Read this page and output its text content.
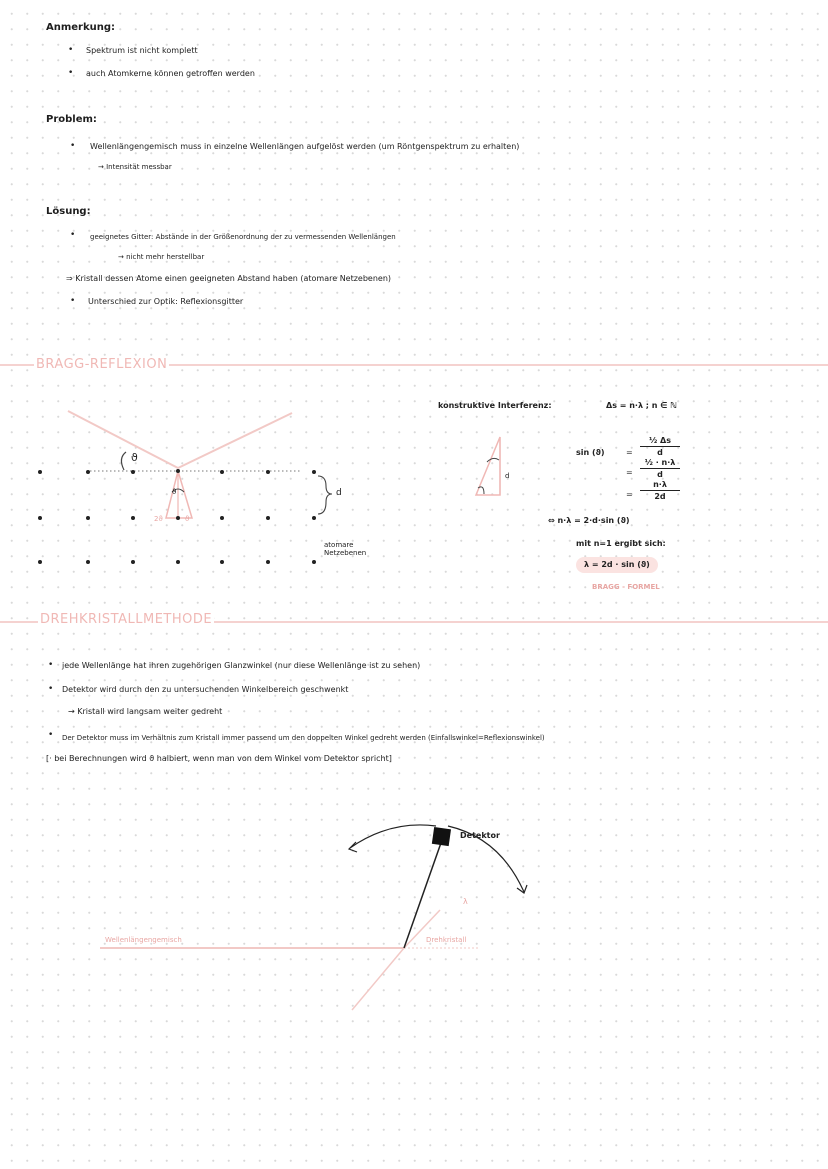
Anmerkung:
• Spektrum ist nicht komplett
• auch Atomkerne können getroffen werden
Problem:
• Wellenlängengemisch muss in einzelne Wellenlängen aufgelöst werden (um Röntgenspektrum zu erhalten)
→ Intensität messbar
Lösung:
• geeignetes Gitter: Abstände in der Größenordnung der zu vermessenden Wellenlängen
→ nicht mehr herstellbar
⇒ Kristall dessen Atome einen geeigneten Abstand haben (atomare Netzebenen)
• Unterschied zur Optik: Reflexionsgitter
BRAGG-REFLEXION
ϑ
ϑ
2ϑ	ϑ
d
atomare
Netzebenen
d
konstruktive Interferenz:	Δs = n·λ ; n ∈ ℕ
sin (ϑ)	=
½ Δs
d
=
½ · n·λ
d
=
n·λ
2d
⇔ n·λ = 2·d·sin (ϑ)
mit n=1 ergibt sich:
λ = 2d · sin (ϑ)
BRAGG - FORMEL
DREHKRISTALLMETHODE
• jede Wellenlänge hat ihren zugehörigen Glanzwinkel (nur diese Wellenlänge ist zu sehen)
• Detektor wird durch den zu untersuchenden Winkelbereich geschwenkt
→ Kristall wird langsam weiter gedreht
• Der Detektor muss im Verhältnis zum Kristall immer passend um den doppelten Winkel gedreht werden (Einfallswinkel=Reflexionswinkel)
[· bei Berechnungen wird ϑ halbiert, wenn man von dem Winkel vom Detektor spricht]
Detektor
Wellenlängengemisch	Drehkristall
λ
